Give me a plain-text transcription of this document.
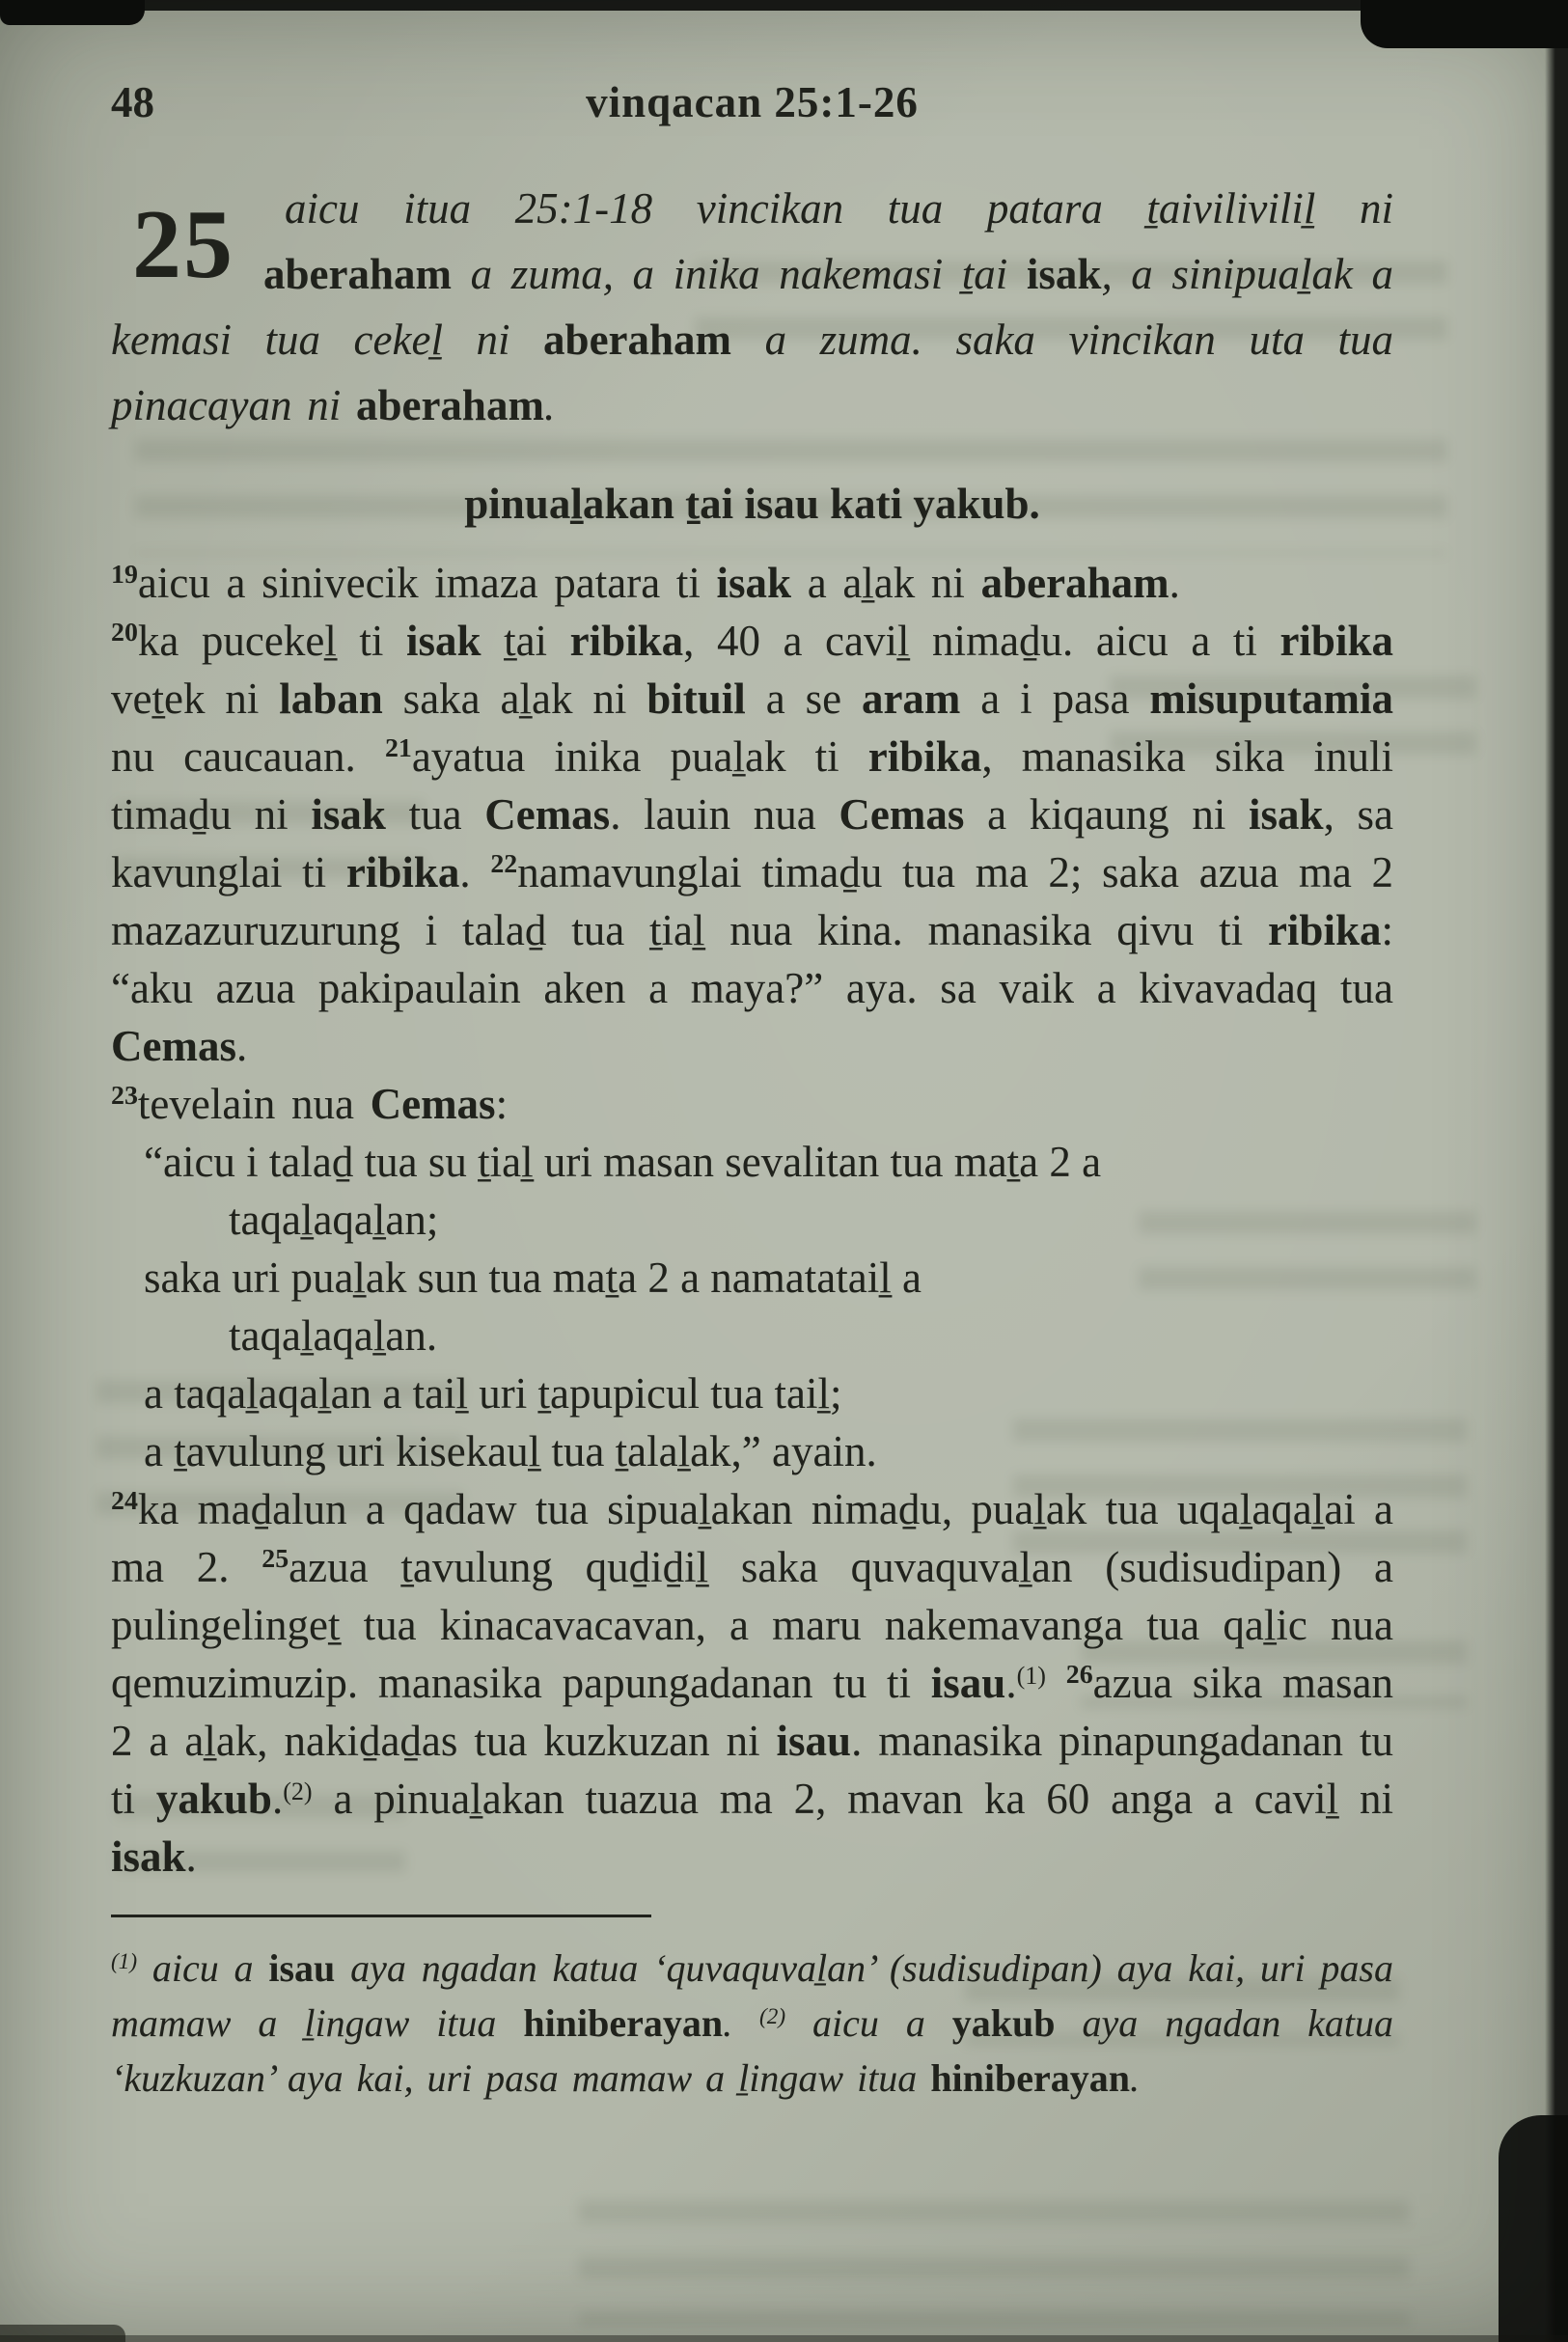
48	vinqacan 25:1-26

25 aicu itua 25:1-18 vincikan tua patara ṯaiviliviliḻ ni aberaham a zuma, a inika nakemasi ṯai isak, a sinipuaḻak a kemasi tua cekeḻ ni aberaham a zuma. saka vincikan uta tua pinacayan ni aberaham.

pinuaḻakan ṯai isau kati yakub.

$^{19}$aicu a sinivecik imaza patara ti isak a aḻak ni aberaham.

$^{20}$ka pucekeḻ ti isak ṯai ribika, 40 a caviḻ nimaḏu. aicu a ti ribika veṯek ni laban saka aḻak ni bituil a se aram a i pasa misuputamia nu caucauan. $^{21}$ayatua inika puaḻak ti ribika, manasika sika inuli timaḏu ni isak tua Cemas. lauin nua Cemas a kiqaung ni isak, sa kavunglai ti ribika. $^{22}$namavunglai timaḏu tua ma 2; saka azua ma 2 mazazuruzurung i talaḏ tua ṯiaḻ nua kina. manasika qivu ti ribika: “aku azua pakipaulain aken a maya?” aya. sa vaik a kivavadaq tua Cemas.

$^{23}$tevelain nua Cemas:

“aicu i talaḏ tua su ṯiaḻ uri masan sevalitan tua maṯa 2 a
taqaḻaqaḻan;
saka uri puaḻak sun tua maṯa 2 a namatataiḻ a
taqaḻaqaḻan.
a taqaḻaqaḻan a taiḻ uri ṯapupicul tua taiḻ;
a ṯavulung uri kisekauḻ tua ṯalaḻak,” ayain.

$^{24}$ka maḏalun a qadaw tua sipuaḻakan nimaḏu, puaḻak tua uqaḻaqaḻai a ma 2. $^{25}$azua ṯavulung quḏiḏiḻ saka quvaquvaḻan (sudisudipan) a pulingelingeṯ tua kinacavacavan, a maru nakemavanga tua qaḻic nua qemuzimuzip. manasika papungadanan tu ti isau.$^{(1)}$ $^{26}$azua sika masan 2 a aḻak, nakiḏaḏas tua kuzkuzan ni isau. manasika pinapungadanan tu ti yakub.$^{(2)}$ a pinuaḻakan tuazua ma 2, mavan ka 60 anga a caviḻ ni isak.

$^{(1)}$ aicu a isau aya ngadan katua ‘quvaquvaḻan’ (sudisudipan) aya kai, uri pasa mamaw a ḻingaw itua hiniberayan. $^{(2)}$ aicu a yakub aya ngadan katua ‘kuzkuzan’ aya kai, uri pasa mamaw a ḻingaw itua hiniberayan.
